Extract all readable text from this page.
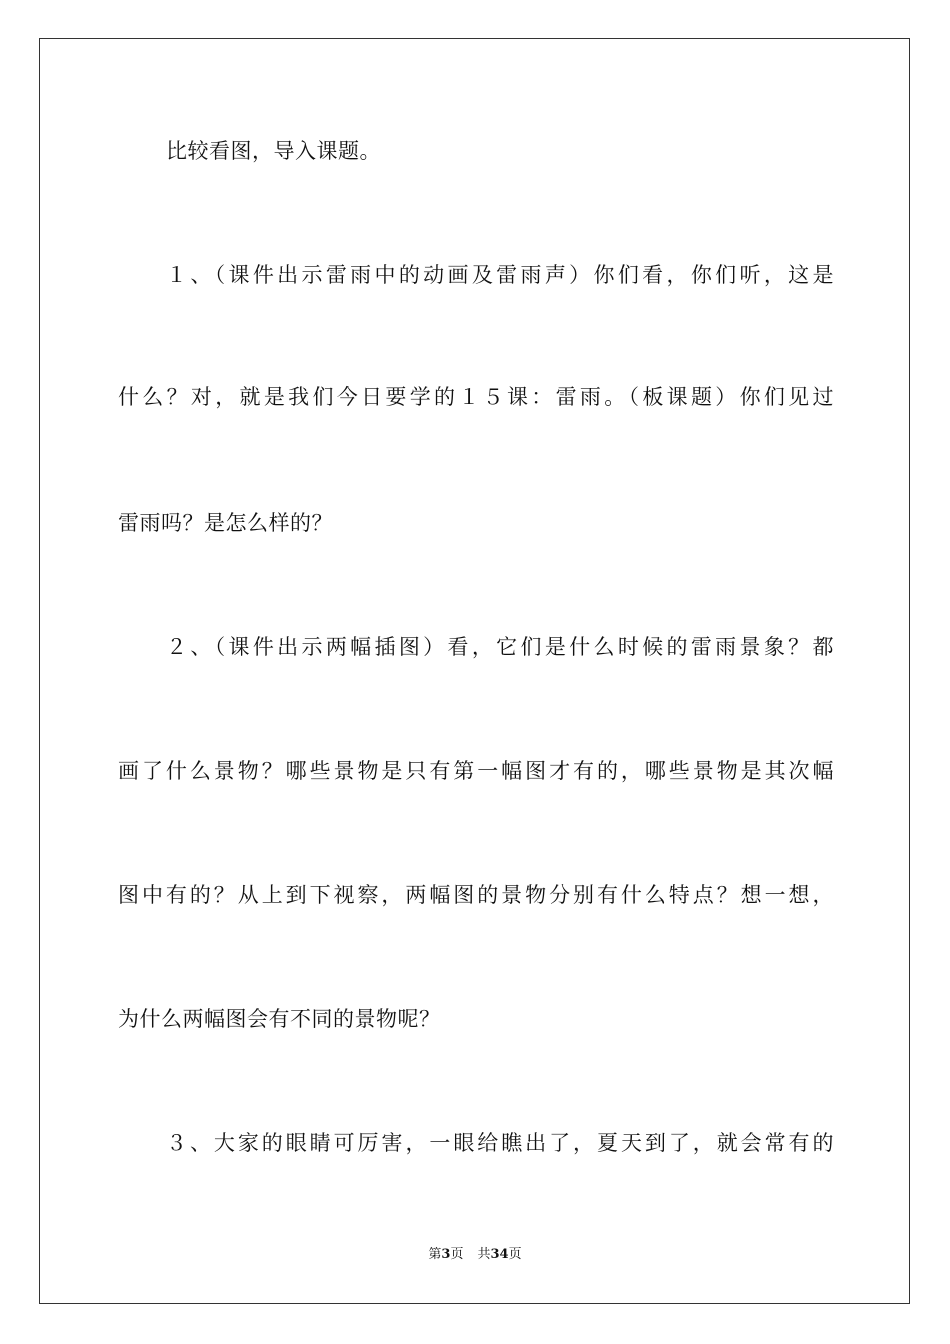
比较看图，导入课题。
１、（课件出示雷雨中的动画及雷雨声）你们看，你们听，这是
什么？对，就是我们今日要学的１５课：雷雨。（板课题）你们见过
雷雨吗？是怎么样的？
２、（课件出示两幅插图）看，它们是什么时候的雷雨景象？都
画了什么景物？哪些景物是只有第一幅图才有的，哪些景物是其次幅
图中有的？从上到下视察，两幅图的景物分别有什么特点？想一想，
为什么两幅图会有不同的景物呢？
３、大家的眼睛可厉害，一眼给瞧出了，夏天到了，就会常有的
第3页 共34页
